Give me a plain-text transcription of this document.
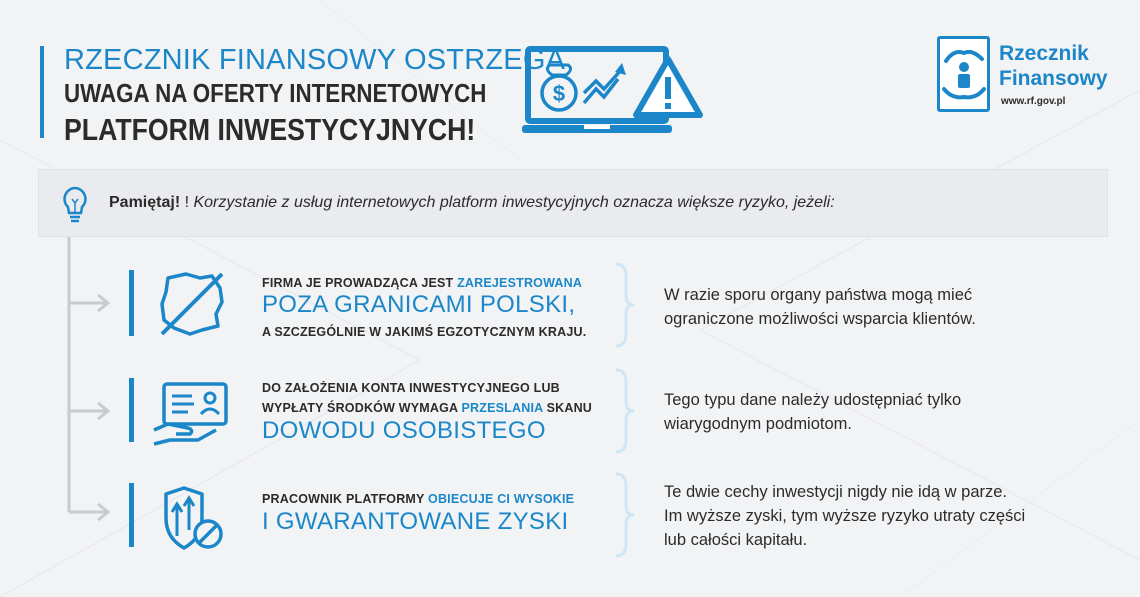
RZECZNIK FINANSOWY OSTRZEGA
UWAGA NA OFERTY INTERNETOWYCH
PLATFORM INWESTYCYJNYCH!
$
Rzecznik
Finansowy
www.rf.gov.pl
Pamiętaj! ! Korzystanie z usług internetowych platform inwestycyjnych oznacza większe ryzyko, jeżeli:
FIRMA JE PROWADZĄCA JEST ZAREJESTROWANA
POZA GRANICAMI POLSKI,
A SZCZEGÓLNIE W JAKIMŚ EGZOTYCZNYM KRAJU.
W razie sporu organy państwa mogą mieć
ograniczone możliwości wsparcia klientów.
DO ZAŁOŻENIA KONTA INWESTYCYJNEGO LUB
WYPŁATY ŚRODKÓW WYMAGA PRZESLANIA SKANU
DOWODU OSOBISTEGO
Tego typu dane należy udostępniać tylko
wiarygodnym podmiotom.
PRACOWNIK PLATFORMY OBIECUJE CI WYSOKIE
I GWARANTOWANE ZYSKI
Te dwie cechy inwestycji nigdy nie idą w parze.
Im wyższe zyski, tym wyższe ryzyko utraty części
lub całości kapitału.
